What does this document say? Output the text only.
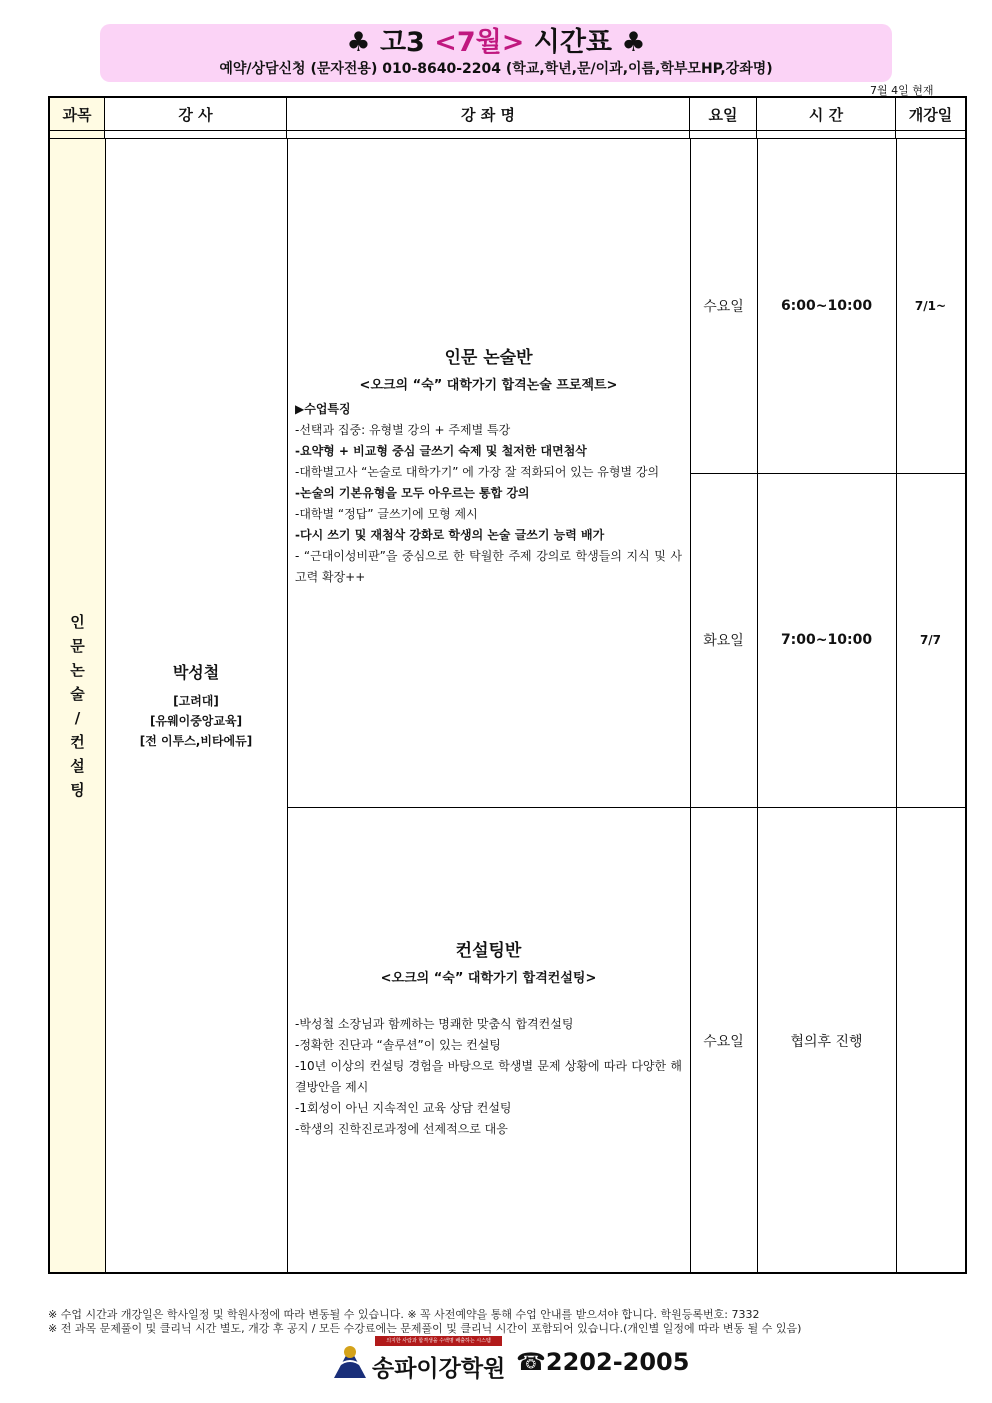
♣ 고3 <7월> 시간표 ♣
예약/상담신청 (문자전용) 010-8640-2204 (학교,학년,문/이과,이름,학부모HP,강좌명)
7월 4일 현재
과목	강 사	강 좌 명	요일	시 간	개강일
인
문
논
술
/
컨
설
팅
박성철
[고려대]
[유웨이중앙교육]
[전 이투스,비타에듀]
인문 논술반
<오크의 “숙” 대학가기 합격논술 프로젝트>
▶수업특징
-선택과 집중: 유형별 강의 + 주제별 특강
-요약형 + 비교형 중심 글쓰기 숙제 및 철저한 대면첨삭
-대학별고사 “논술로 대학가기” 에 가장 잘 적화되어 있는 유형별 강의
-논술의 기본유형을 모두 아우르는 통합 강의
-대학별 “정답” 글쓰기에 모형 제시
-다시 쓰기 및 재첨삭 강화로 학생의 논술 글쓰기 능력 배가
- “근대이성비판”을 중심으로 한 탁월한 주제 강의로 학생들의 지식 및 사고력 확장++
수요일	6:00~10:00	7/1~
화요일	7:00~10:00	7/7
컨설팅반
<오크의 “숙” 대학가기 합격컨설팅>
-박성철 소장님과 함께하는 명쾌한 맞춤식 합격컨설팅
-정확한 진단과 “솔루션”이 있는 컨설팅
-10년 이상의 컨설팅 경험을 바탕으로 학생별 문제 상황에 따라 다양한 해결방안을 제시
-1회성이 아닌 지속적인 교육 상담 컨설팅
-학생의 진학진로과정에 선제적으로 대응
수요일	협의후 진행
※ 수업 시간과 개강일은 학사일정 및 학원사정에 따라 변동될 수 있습니다. ※ 꼭 사전예약을 통해 수업 안내를 받으셔야 합니다. 학원등록번호: 7332
※ 전 과목 문제풀이 및 클리닉 시간 별도, 개강 후 공지 / 모든 수강료에는 문제풀이 및 클리닉 시간이 포함되어 있습니다.(개인별 일정에 따라 변동 될 수 있음)
의지한 사람과 합격생을 수백명 배출하는 시스템
송파이강학원 ☎2202-2005
